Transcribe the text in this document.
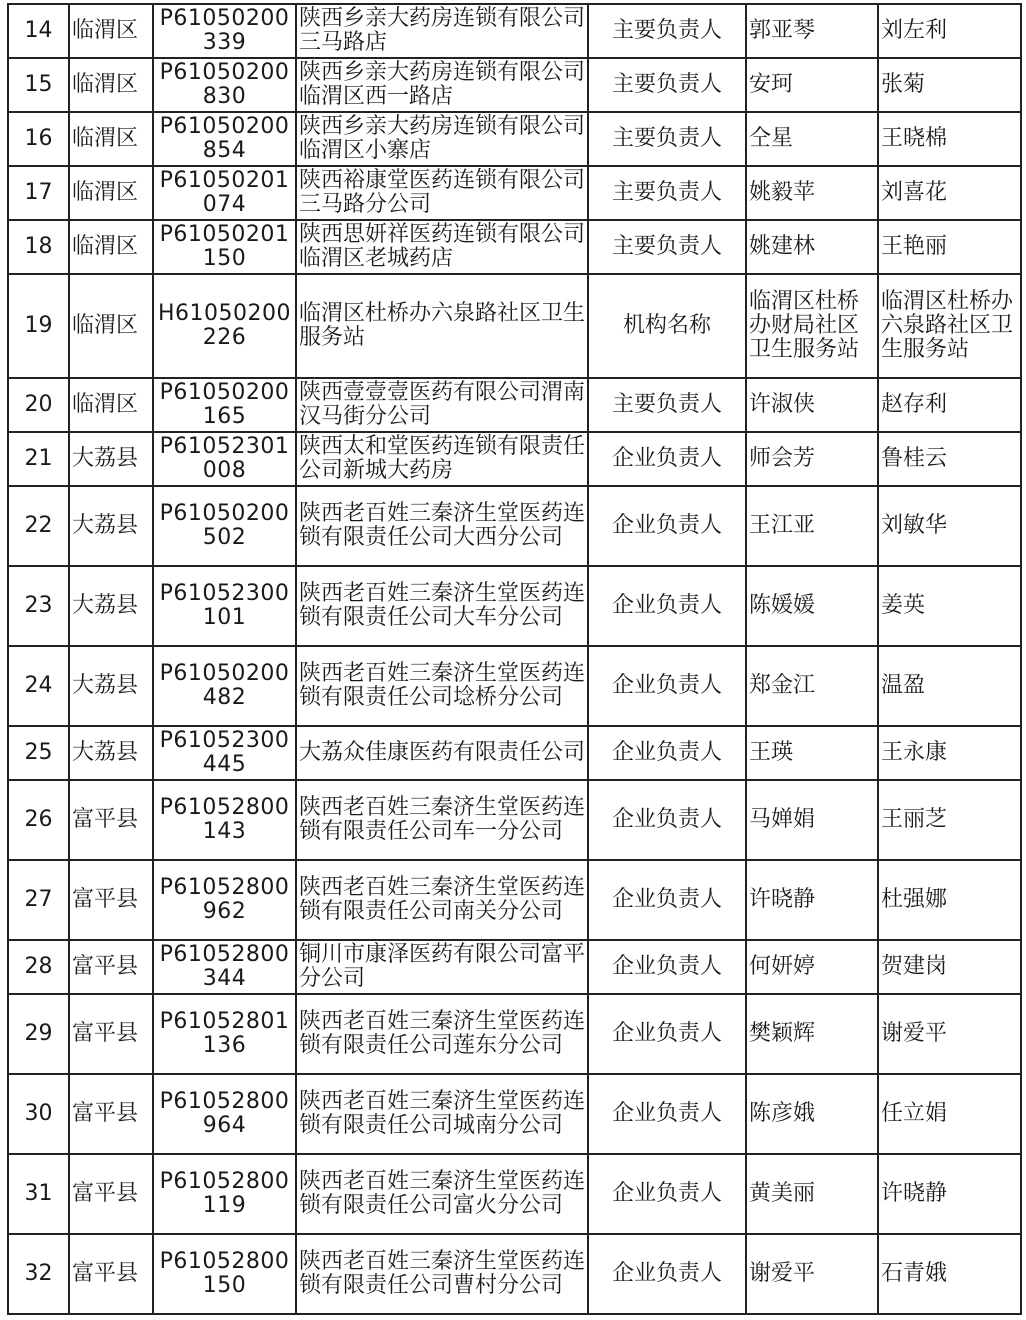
14	临渭区	P61050200339	陕西乡亲大药房连锁有限公司三马路店	主要负责人	郭亚琴	刘左利
15	临渭区	P61050200830	陕西乡亲大药房连锁有限公司临渭区西一路店	主要负责人	安珂	张菊
16	临渭区	P61050200854	陕西乡亲大药房连锁有限公司临渭区小寨店	主要负责人	仝星	王晓棉
17	临渭区	P61050201074	陕西裕康堂医药连锁有限公司三马路分公司	主要负责人	姚毅苹	刘喜花
18	临渭区	P61050201150	陕西思妍祥医药连锁有限公司临渭区老城药店	主要负责人	姚建林	王艳丽
19	临渭区	H61050200226	临渭区杜桥办六泉路社区卫生服务站	机构名称	临渭区杜桥办财局社区卫生服务站	临渭区杜桥办六泉路社区卫生服务站
20	临渭区	P61050200165	陕西壹壹壹医药有限公司渭南汉马街分公司	主要负责人	许淑侠	赵存利
21	大荔县	P61052301008	陕西太和堂医药连锁有限责任公司新城大药房	企业负责人	师会芳	鲁桂云
22	大荔县	P61050200502	陕西老百姓三秦济生堂医药连锁有限责任公司大西分公司	企业负责人	王江亚	刘敏华
23	大荔县	P61052300101	陕西老百姓三秦济生堂医药连锁有限责任公司大车分公司	企业负责人	陈媛媛	姜英
24	大荔县	P61050200482	陕西老百姓三秦济生堂医药连锁有限责任公司埝桥分公司	企业负责人	郑金江	温盈
25	大荔县	P61052300445	大荔众佳康医药有限责任公司	企业负责人	王瑛	王永康
26	富平县	P61052800143	陕西老百姓三秦济生堂医药连锁有限责任公司车一分公司	企业负责人	马婵娟	王丽芝
27	富平县	P61052800962	陕西老百姓三秦济生堂医药连锁有限责任公司南关分公司	企业负责人	许晓静	杜强娜
28	富平县	P61052800344	铜川市康泽医药有限公司富平分公司	企业负责人	何妍婷	贺建岗
29	富平县	P61052801136	陕西老百姓三秦济生堂医药连锁有限责任公司莲东分公司	企业负责人	樊颖辉	谢爱平
30	富平县	P61052800964	陕西老百姓三秦济生堂医药连锁有限责任公司城南分公司	企业负责人	陈彦娥	任立娟
31	富平县	P61052800119	陕西老百姓三秦济生堂医药连锁有限责任公司富火分公司	企业负责人	黄美丽	许晓静
32	富平县	P61052800150	陕西老百姓三秦济生堂医药连锁有限责任公司曹村分公司	企业负责人	谢爱平	石青娥
